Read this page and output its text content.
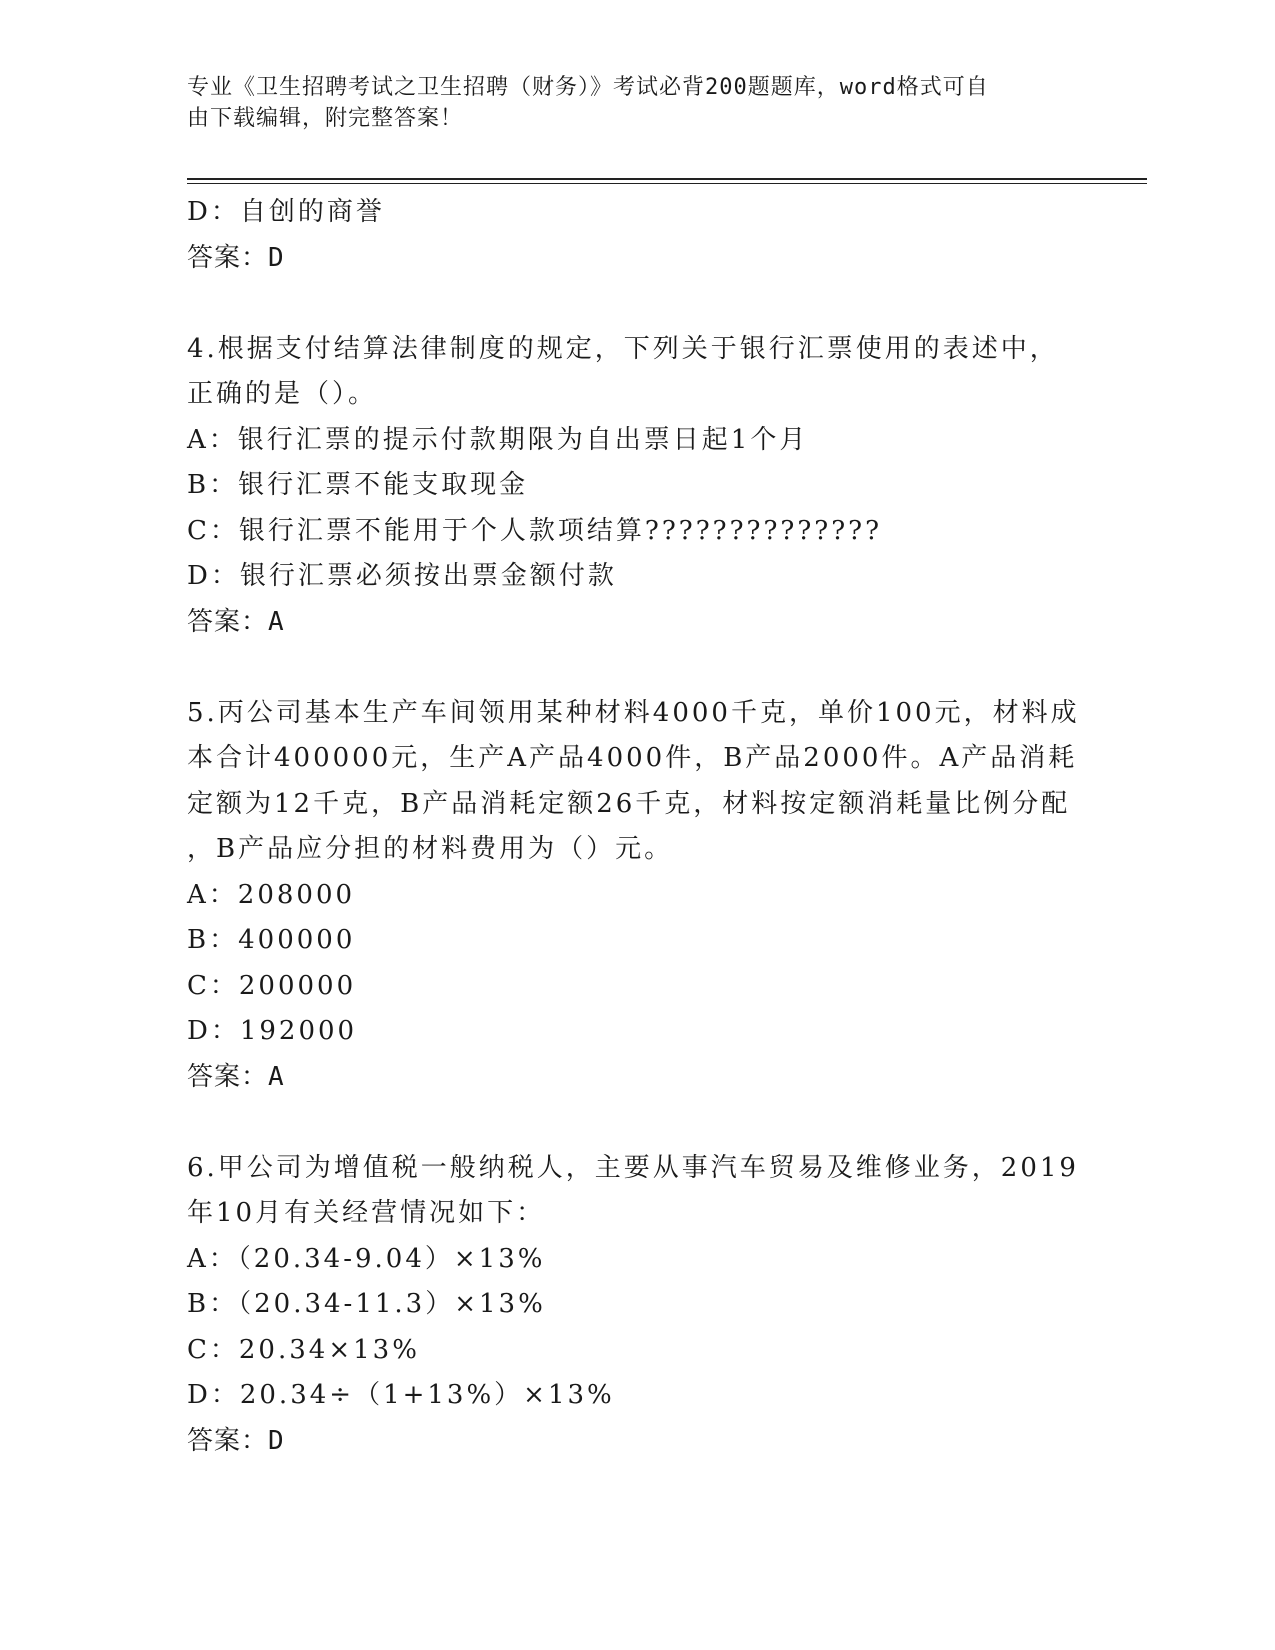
专业《卫生招聘考试之卫生招聘（财务）》考试必背200题题库，word格式可自
由下载编辑，附完整答案！
D：自创的商誉
答案：D
4.根据支付结算法律制度的规定，下列关于银行汇票使用的表述中，
正确的是（）。
A：银行汇票的提示付款期限为自出票日起1个月
B：银行汇票不能支取现金
C：银行汇票不能用于个人款项结算??????????????
D：银行汇票必须按出票金额付款
答案：A
5.丙公司基本生产车间领用某种材料4000千克，单价100元，材料成
本合计400000元，生产A产品4000件，B产品2000件。A产品消耗
定额为12千克，B产品消耗定额26千克，材料按定额消耗量比例分配
，B产品应分担的材料费用为（）元。
A：208000
B：400000
C：200000
D：192000
答案：A
6.甲公司为增值税一般纳税人，主要从事汽车贸易及维修业务，2019
年10月有关经营情况如下：
A：（20.34-9.04）×13%
B：（20.34-11.3）×13%
C：20.34×13%
D：20.34÷（1+13%）×13%
答案：D
